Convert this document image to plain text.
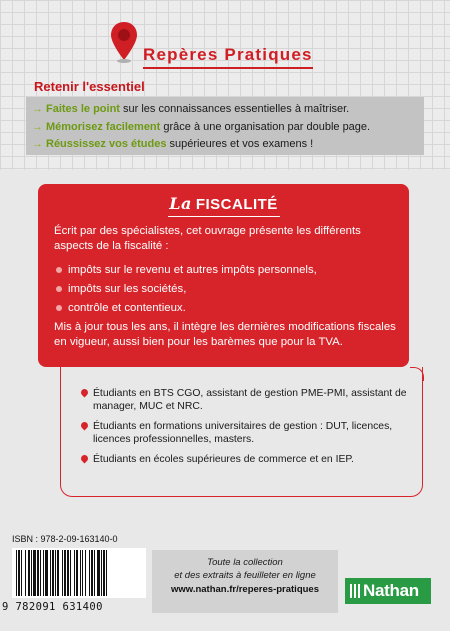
Repères Pratiques
Retenir l'essentiel
→ Faites le point sur les connaissances essentielles à maîtriser.
→ Mémorisez facilement grâce à une organisation par double page.
→ Réussissez vos études supérieures et vos examens !
La FISCALITÉ
Écrit par des spécialistes, cet ouvrage présente les différents aspects de la fiscalité :
impôts sur le revenu et autres impôts personnels,
impôts sur les sociétés,
contrôle et contentieux.
Mis à jour tous les ans, il intègre les dernières modifications fiscales en vigueur, aussi bien pour les barèmes que pour la TVA.
Étudiants en BTS CGO, assistant de gestion PME-PMI, assistant de manager, MUC et NRC.
Étudiants en formations universitaires de gestion : DUT, licences, licences professionnelles, masters.
Étudiants en écoles supérieures de commerce et en IEP.
ISBN : 978-2-09-163140-0
9 782091 631400
Toute la collection
et des extraits à feuilleter en ligne
www.nathan.fr/reperes-pratiques	Nathan
